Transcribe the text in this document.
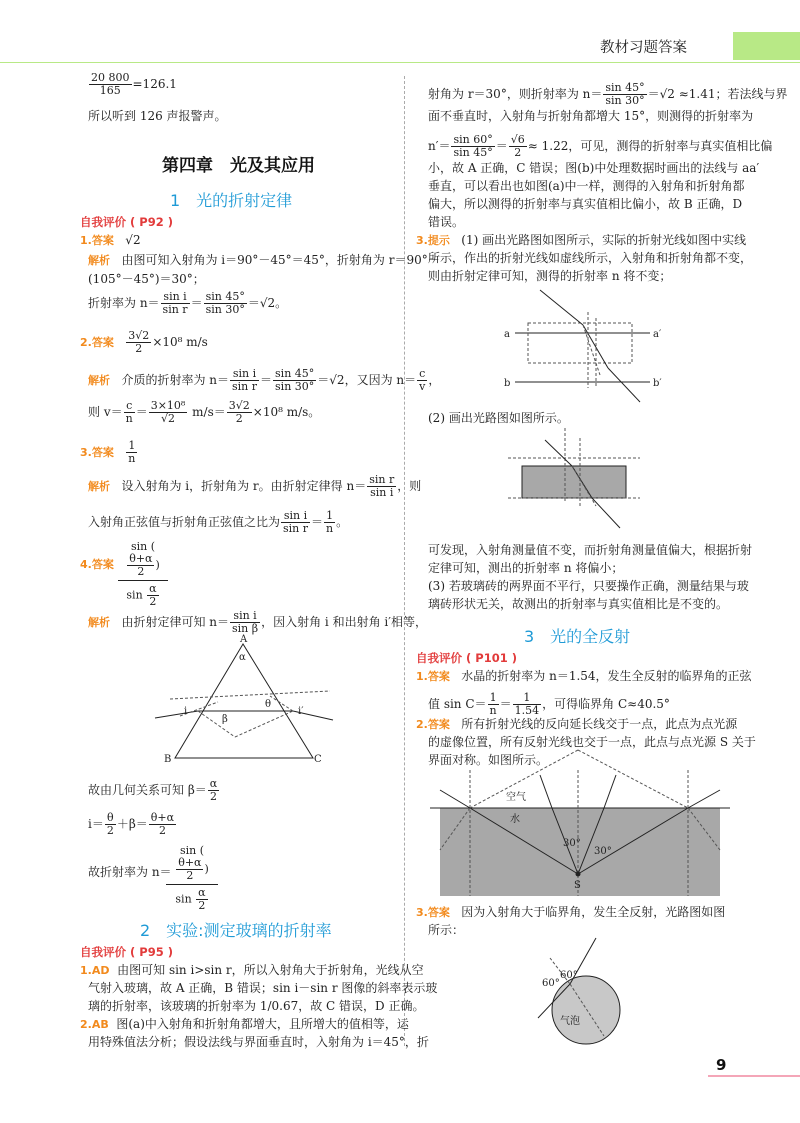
教材习题答案
$\frac{20 800}{165} =126.1$
所以听到 126 声报警声。
第四章　光及其应用
1　光的折射定律
自我评价 ( P92 )
1.答案 √2
解析 由图可知入射角为 i＝90°－45°＝45°，折射角为 r＝90°－
(105°－45°)＝30°；
折射率为 $n= \frac{\text{sin i}}{\text{sin r}} = \frac{\sin 45^\circ}{\sin 30^\circ} =√2$。
2.答案 $\frac{3√2}{2} \times 10^8$ m/s
解析 介质的折射率为 $n= \frac{\text{sin i}}{\text{sin r}} = \frac{\sin 45^\circ}{\sin 30^\circ} =√2$，又因为 $n= \frac{c}{v}$ ，
则 $v= \frac{c}{n} = \frac{\text{3×10⁸}}{√2} m/s= \frac{3√2}{2} \times 10^8$ m/s。
3.答案 $\frac{1}{n}$
解析 设入射角为 i，折射角为 r。由折射定律得 $n= \frac{\text{sin r}}{\text{sin i}}$ ，则
入射角正弦值与折射角正弦值之比为 $\frac{\text{sin i}}{\text{sin r}} = \frac{1}{n}$ 。
4.答案
sin (
$\frac{\theta+\alpha}{2}$ )
$\sin \frac{\alpha}{2}$
解析 由折射定律可知 $n= \frac{\text{sin i}}{\text{sin β}}$ ，因入射角 i 和出射角 i′相等，
A
α
B	C
β
θ
i	i′
故由几何关系可知 $\beta= \frac{\alpha}{2}$
$i= \frac{\theta}{2} +\beta= \frac{\theta+\alpha}{2}$
故折射率为 n＝
sin (
$\frac{\theta+\alpha}{2}$ )
$\sin \frac{\alpha}{2}$
2　实验:测定玻璃的折射率
自我评价 ( P95 )
1.AD 由图可知 sin i>sin r，所以入射角大于折射角，光线从空
气射入玻璃，故 A 正确，B 错误；sin i－sin r 图像的斜率表示玻
璃的折射率，该玻璃的折射率为 1/0.67，故 C 错误，D 正确。
2.AB 图(a)中入射角和折射角都增大，且所增大的值相等，运
用特殊值法分析；假设法线与界面垂直时，入射角为 i＝45°，折
射角为 r＝30°，则折射率为 $n= \frac{\sin 45^\circ}{\sin 30^\circ} =√2 \approx 1.41$；若法线与界
面不垂直时，入射角与折射角都增大 15°，则测得的折射率为
$n'= \frac{\sin 60^\circ}{\sin 45^\circ} = \frac{√6}{2} \approx 1.22$，可见，测得的折射率与真实值相比偏
小，故 A 正确，C 错误；图(b)中处理数据时画出的法线与 aa′
垂直，可以看出也如图(a)中一样，测得的入射角和折射角都
偏大，所以测得的折射率与真实值相比偏小，故 B 正确，D
错误。
3.提示 (1) 画出光路图如图所示，实际的折射光线如图中实线
所示，作出的折射光线如虚线所示，入射角和折射角都不变，
则由折射定律可知，测得的折射率 n 将不变；
a	a′
b	b′
(2) 画出光路图如图所示。
可发现，入射角测量值不变，而折射角测量值偏大，根据折射
定律可知，测出的折射率 n 将偏小；
(3) 若玻璃砖的两界面不平行，只要操作正确，测量结果与玻
璃砖形状无关，故测出的折射率与真实值相比是不变的。
3　光的全反射
自我评价 ( P101 )
1.答案 水晶的折射率为 n＝1.54，发生全反射的临界角的正弦
值 $\sin C= \frac{1}{n} = \frac{1}{1.54}$ ，可得临界角 C≈40.5°
2.答案 所有折射光线的反向延长线交于一点，此点为点光源
的虚像位置，所有反射光线也交于一点，此点与点光源 S 关于
界面对称。如图所示。
空气
水
30°
30°
S
3.答案 因为入射角大于临界角，发生全反射，光路图如图
所示：
60°
60°
气泡
9
